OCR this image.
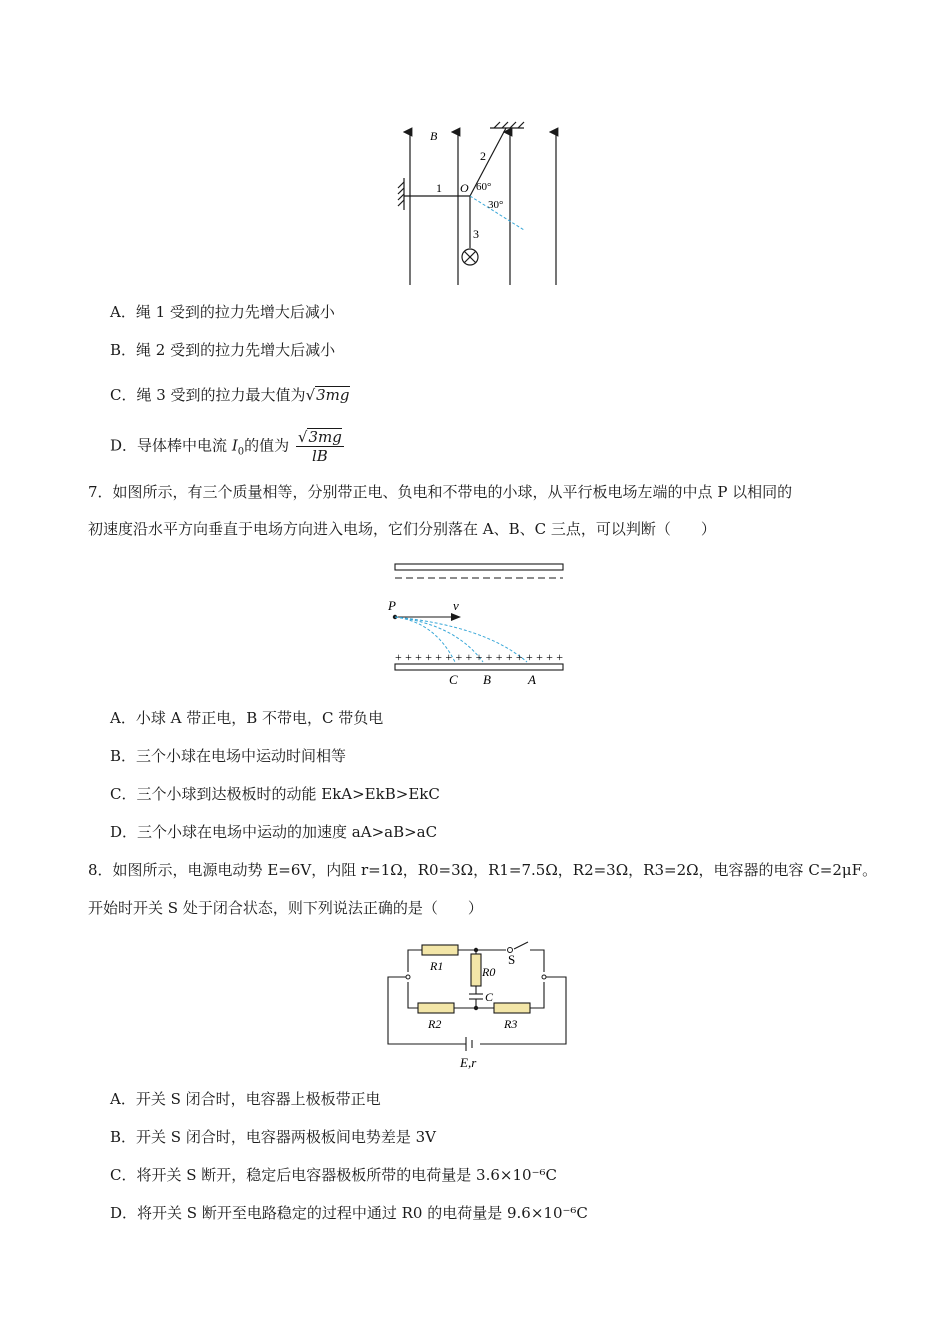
B
2
1 O 60°
30°
3
A．绳 1 受到的拉力先增大后减小
B．绳 2 受到的拉力先增大后减小
C．绳 3 受到的拉力最大值为√3mg
D．导体棒中电流 $I_0$的值为 $\frac{√3mg}{lB}$
7．如图所示，有三个质量相等，分别带正电、负电和不带电的小球，从平行板电场左端的中点 P 以相同的
初速度沿水平方向垂直于电场方向进入电场，它们分别落在 A、B、C 三点，可以判断（　　）
P	v
+++++++++++++++++
C B	A
A．小球 A 带正电，B 不带电，C 带负电
B．三个小球在电场中运动时间相等
C．三个小球到达极板时的动能 EkA>EkB>EkC
D．三个小球在电场中运动的加速度 aA>aB>aC
8．如图所示，电源电动势 E=6V，内阻 r=1Ω，R0=3Ω，R1=7.5Ω，R2=3Ω，R3=2Ω，电容器的电容 C=2μF。
开始时开关 S 处于闭合状态，则下列说法正确的是（　　）
R1	R0
S
C
R2	R3
E,r
A．开关 S 闭合时，电容器上极板带正电
B．开关 S 闭合时，电容器两极板间电势差是 3V
C．将开关 S 断开，稳定后电容器极板所带的电荷量是 3.6×10⁻⁶C
D．将开关 S 断开至电路稳定的过程中通过 R0 的电荷量是 9.6×10⁻⁶C
